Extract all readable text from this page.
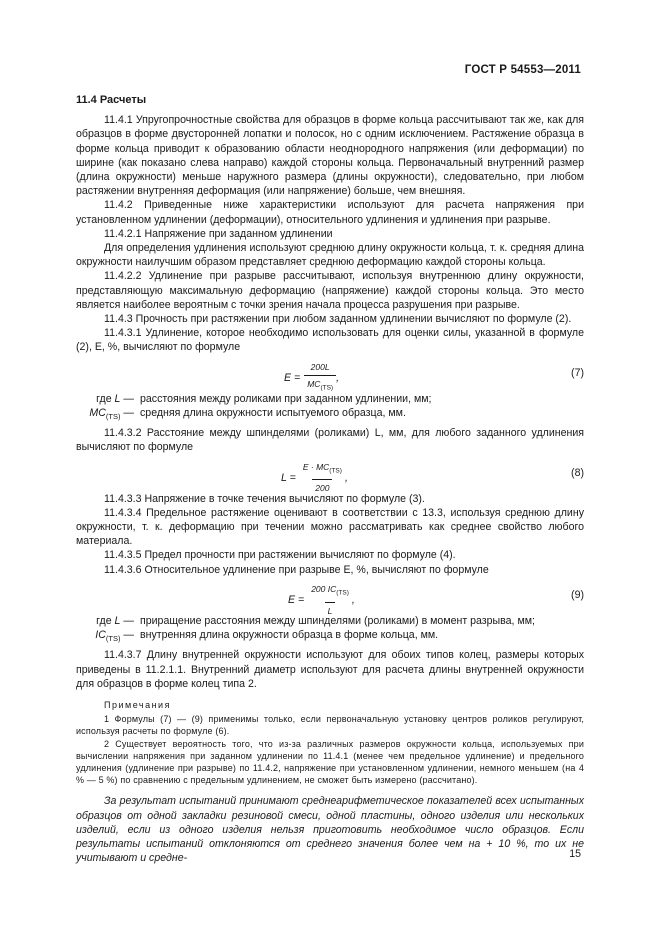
ГОСТ Р 54553—2011

11.4 Расчеты

11.4.1 Упругопрочностные свойства для образцов в форме кольца рассчитывают так же, как для образцов в форме двусторонней лопатки и полосок, но с одним исключением. Растяжение образца в форме кольца приводит к образованию области неоднородного напряжения (или деформации) по ширине (как показано слева направо) каждой стороны кольца. Первоначальный внутренний размер (длина окружности) меньше наружного размера (длины окружности), следовательно, при любом растяжении внутренняя деформация (или напряжение) больше, чем внешняя.

11.4.2 Приведенные ниже характеристики используют для расчета напряжения при установленном удлинении (деформации), относительного удлинения и удлинения при разрыве.

11.4.2.1 Напряжение при заданном удлинении

Для определения удлинения используют среднюю длину окружности кольца, т. к. средняя длина окружности наилучшим образом представляет среднюю деформацию каждой стороны кольца.

11.4.2.2 Удлинение при разрыве рассчитывают, используя внутреннюю длину окружности, представляющую максимальную деформацию (напряжение) каждой стороны кольца. Это место является наиболее вероятным с точки зрения начала процесса разрушения при разрыве.

11.4.3 Прочность при растяжении при любом заданном удлинении вычисляют по формуле (2).

11.4.3.1 Удлинение, которое необходимо использовать для оценки силы, указанной в формуле (2), E, %, вычисляют по формуле

$E = \frac{200L}{MC_{(TS)}}$ ,	(7)
где L — расстояния между роликами при заданном удлинении, мм;
$MC_{(TS)}$ — средняя длина окружности испытуемого образца, мм.

11.4.3.2 Расстояние между шпинделями (роликами) L, мм, для любого заданного удлинения вычисляют по формуле

$L = \frac{E \cdot MC_{(TS)}}{200}$ ,	(8)

11.4.3.3 Напряжение в точке течения вычисляют по формуле (3).

11.4.3.4 Предельное растяжение оценивают в соответствии с 13.3, используя среднюю длину окружности, т. к. деформацию при течении можно рассматривать как среднее свойство любого материала.

11.4.3.5 Предел прочности при растяжении вычисляют по формуле (4).

11.4.3.6 Относительное удлинение при разрыве E, %, вычисляют по формуле

$E = \frac{200 IC_{(TS)}}{L}$ ,	(9)
где L — приращение расстояния между шпинделями (роликами) в момент разрыва, мм;
$IC_{(TS)}$ — внутренняя длина окружности образца в форме кольца, мм.

11.4.3.7 Длину внутренней окружности используют для обоих типов колец, размеры которых приведены в 11.2.1.1. Внутренний диаметр используют для расчета длины внутренней окружности для образцов в форме колец типа 2.

Примечания

1 Формулы (7) — (9) применимы только, если первоначальную установку центров роликов регулируют, используя расчеты по формуле (6).

2 Существует вероятность того, что из-за различных размеров окружности кольца, используемых при вычислении напряжения при заданном удлинении по 11.4.1 (менее чем предельное удлинение) и предельного удлинения (удлинение при разрыве) по 11.4.2, напряжение при установленном удлинении, немного меньшем (на 4 % — 5 %) по сравнению с предельным удлинением, не сможет быть измерено (рассчитано).

За результат испытаний принимают среднеарифметическое показателей всех испытанных образцов от одной закладки резиновой смеси, одной пластины, одного изделия или нескольких изделий, если из одного изделия нельзя приготовить необходимое число образцов. Если результаты испытаний отклоняются от среднего значения более чем на + 10 %, то их не учитывают и средне-	15
